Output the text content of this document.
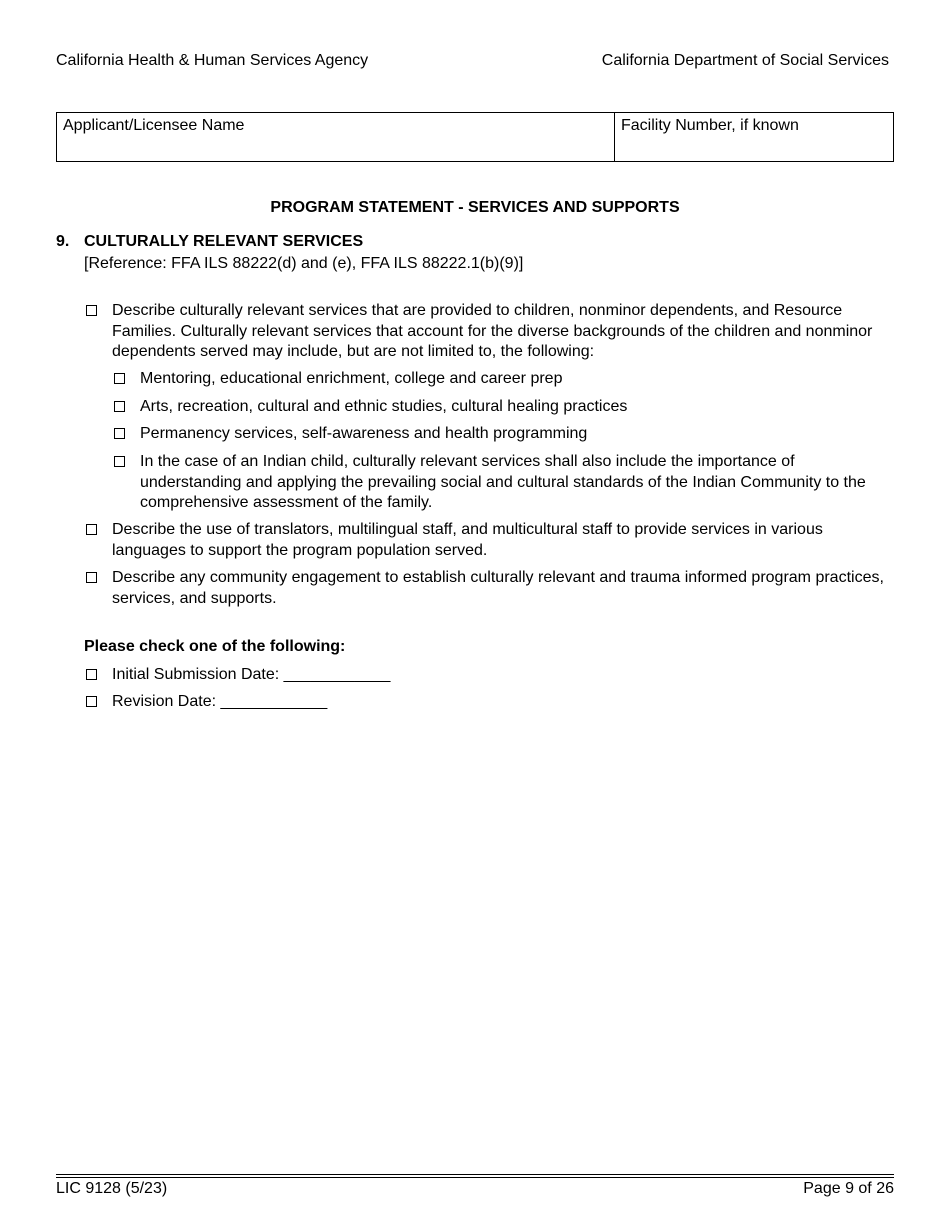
California Health & Human Services Agency	California Department of Social Services
Applicant/Licensee Name	Facility Number, if known
PROGRAM STATEMENT - SERVICES AND SUPPORTS
9. CULTURALLY RELEVANT SERVICES
[Reference: FFA ILS 88222(d) and (e), FFA ILS 88222.1(b)(9)]
Describe culturally relevant services that are provided to children, nonminor dependents, and Resource Families. Culturally relevant services that account for the diverse backgrounds of the children and nonminor dependents served may include, but are not limited to, the following:
Mentoring, educational enrichment, college and career prep
Arts, recreation, cultural and ethnic studies, cultural healing practices
Permanency services, self-awareness and health programming
In the case of an Indian child, culturally relevant services shall also include the importance of understanding and applying the prevailing social and cultural standards of the Indian Community to the comprehensive assessment of the family.
Describe the use of translators, multilingual staff, and multicultural staff to provide services in various languages to support the program population served.
Describe any community engagement to establish culturally relevant and trauma informed program practices, services, and supports.
Please check one of the following:
Initial Submission Date: ____________
Revision Date: ____________
LIC 9128 (5/23)	Page 9 of 26
